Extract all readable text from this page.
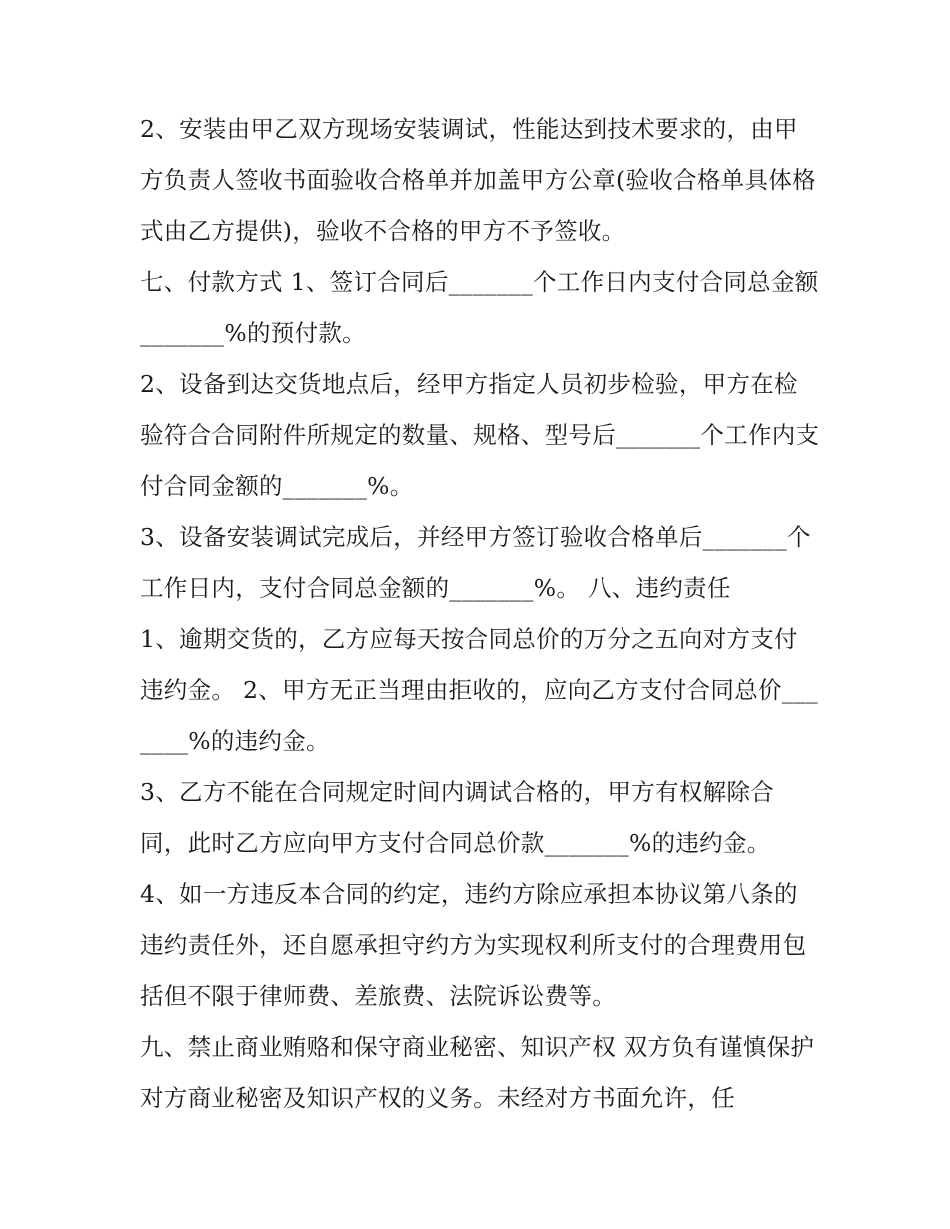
2、安装由甲乙双方现场安装调试，性能达到技术要求的，由甲方负责人签收书面验收合格单并加盖甲方公章(验收合格单具体格式由乙方提供)，验收不合格的甲方不予签收。

七、付款方式 1、签订合同后_______个工作日内支付合同总金额_______%的预付款。

2、设备到达交货地点后，经甲方指定人员初步检验，甲方在检验符合合同附件所规定的数量、规格、型号后_______个工作内支付合同金额的_______%。

3、设备安装调试完成后，并经甲方签订验收合格单后_______个工作日内，支付合同总金额的_______%。 八、违约责任

1、逾期交货的，乙方应每天按合同总价的万分之五向对方支付违约金。 2、甲方无正当理由拒收的，应向乙方支付合同总价_______%的违约金。

3、乙方不能在合同规定时间内调试合格的，甲方有权解除合同，此时乙方应向甲方支付合同总价款_______%的违约金。

4、如一方违反本合同的约定，违约方除应承担本协议第八条的违约责任外，还自愿承担守约方为实现权利所支付的合理费用包括但不限于律师费、差旅费、法院诉讼费等。

九、禁止商业贿赂和保守商业秘密、知识产权 双方负有谨慎保护对方商业秘密及知识产权的义务。未经对方书面允许，任
